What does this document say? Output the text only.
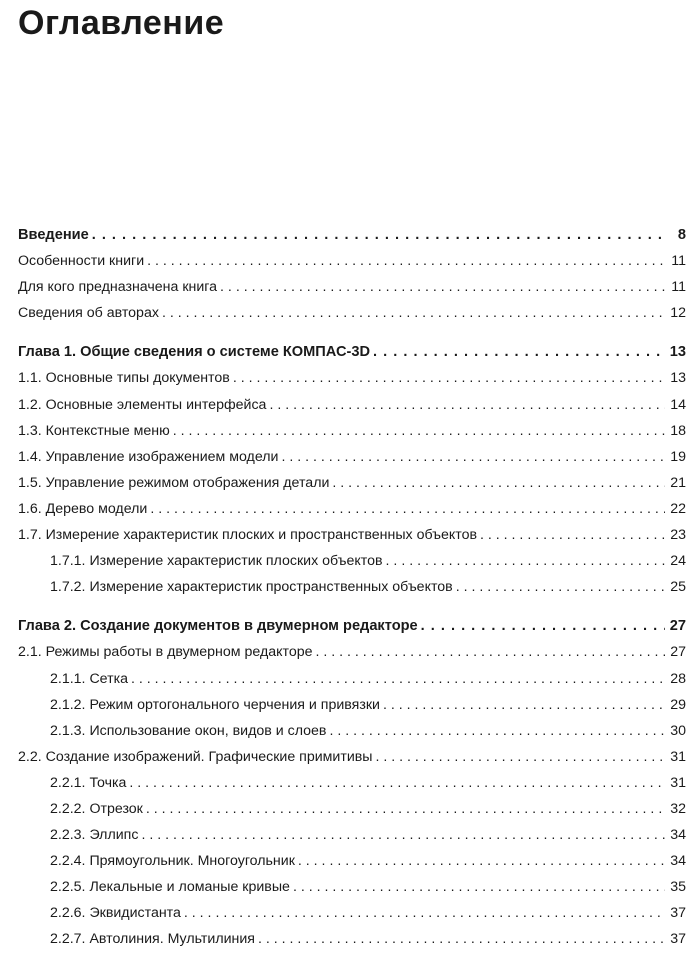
Оглавление
Введение . .	8
Особенности книги . . .	11
Для кого предназначена книга . . .	11
Сведения об авторах . . .	12
Глава 1. Общие сведения о системе КОМПАС-3D . .	13
1.1. Основные типы документов . . .	13
1.2. Основные элементы интерфейса . . .	14
1.3. Контекстные меню . . .	18
1.4. Управление изображением модели . . .	19
1.5. Управление режимом отображения детали . . .	21
1.6. Дерево модели . . .	22
1.7. Измерение характеристик плоских и пространственных объектов . . .	23
1.7.1. Измерение характеристик плоских объектов . . .	24
1.7.2. Измерение характеристик пространственных объектов . . .	25
Глава 2. Создание документов в двумерном редакторе . .	27
2.1. Режимы работы в двумерном редакторе . . .	27
2.1.1. Сетка . . .	28
2.1.2. Режим ортогонального черчения и привязки . . .	29
2.1.3. Использование окон, видов и слоев . . .	30
2.2. Создание изображений. Графические примитивы . . .	31
2.2.1. Точка . . .	31
2.2.2. Отрезок . . .	32
2.2.3. Эллипс . . .	34
2.2.4. Прямоугольник. Многоугольник . . .	34
2.2.5. Лекальные и ломаные кривые . . .	35
2.2.6. Эквидистанта . . .	37
2.2.7. Автолиния. Мультилиния . . .	37
